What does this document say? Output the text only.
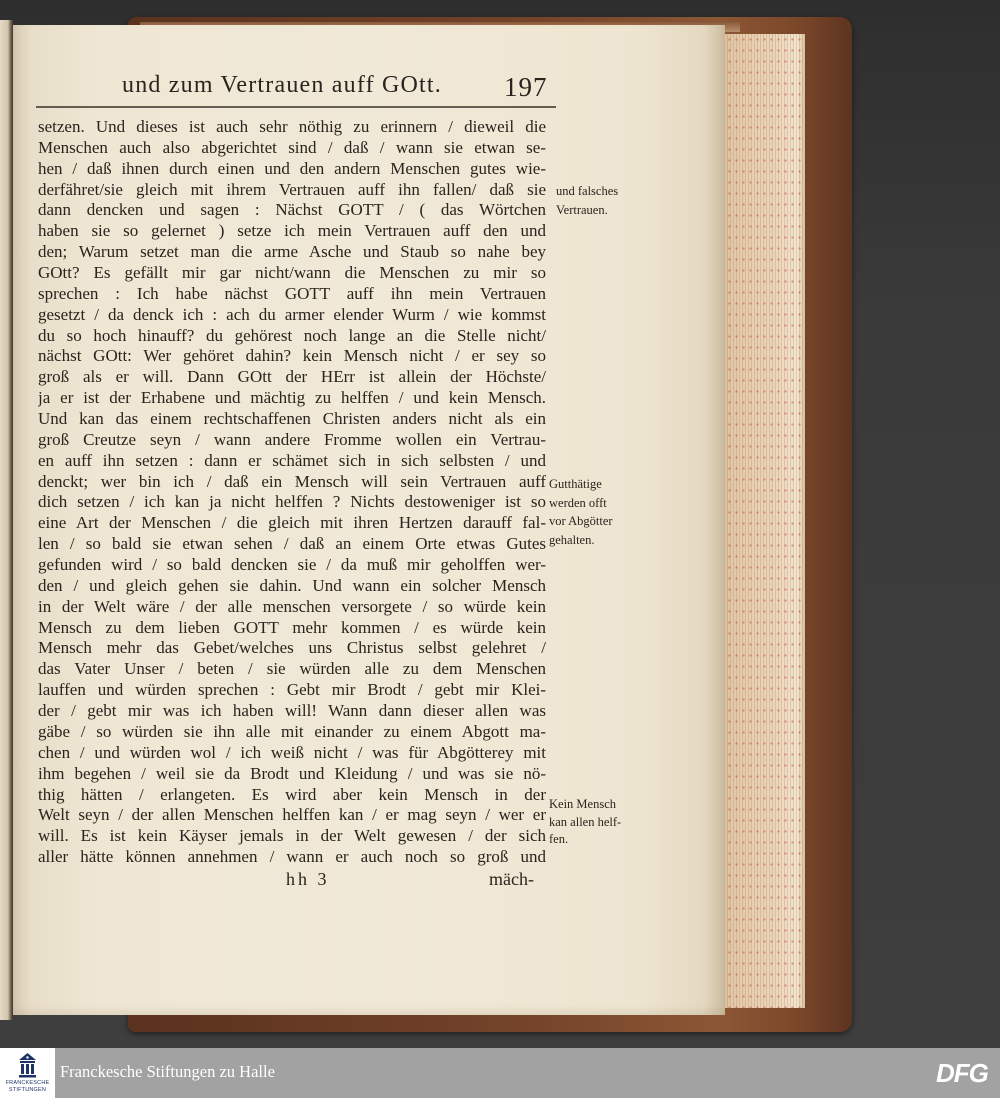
und zum Vertrauen auff GOtt. 197
setzen. Und dieses ist auch sehr nöthig zu erinnern / dieweil die
Menschen auch also abgerichtet sind / daß / wann sie etwan se-
hen / daß ihnen durch einen und den andern Menschen gutes wie-
derfähret/sie gleich mit ihrem Vertrauen auff ihn fallen/ daß sie
dann dencken und sagen : Nächst GOTT / ( das Wörtchen
haben sie so gelernet ) setze ich mein Vertrauen auff den und
den; Warum setzet man die arme Asche und Staub so nahe bey
GOtt? Es gefällt mir gar nicht/wann die Menschen zu mir so
sprechen : Ich habe nächst GOTT auff ihn mein Vertrauen
gesetzt / da denck ich : ach du armer elender Wurm / wie kommst
du so hoch hinauff? du gehörest noch lange an die Stelle nicht/
nächst GOtt: Wer gehöret dahin? kein Mensch nicht / er sey so
groß als er will. Dann GOtt der HErr ist allein der Höchste/
ja er ist der Erhabene und mächtig zu helffen / und kein Mensch.
Und kan das einem rechtschaffenen Christen anders nicht als ein
groß Creutze seyn / wann andere Fromme wollen ein Vertrau-
en auff ihn setzen : dann er schämet sich in sich selbsten / und
denckt; wer bin ich / daß ein Mensch will sein Vertrauen auff
dich setzen / ich kan ja nicht helffen ? Nichts destoweniger ist so
eine Art der Menschen / die gleich mit ihren Hertzen darauff fal-
len / so bald sie etwan sehen / daß an einem Orte etwas Gutes
gefunden wird / so bald dencken sie / da muß mir geholffen wer-
den / und gleich gehen sie dahin. Und wann ein solcher Mensch
in der Welt wäre / der alle menschen versorgete / so würde kein
Mensch zu dem lieben GOTT mehr kommen / es würde kein
Mensch mehr das Gebet/welches uns Christus selbst gelehret /
das Vater Unser / beten / sie würden alle zu dem Menschen
lauffen und würden sprechen : Gebt mir Brodt / gebt mir Klei-
der / gebt mir was ich haben will! Wann dann dieser allen was
gäbe / so würden sie ihn alle mit einander zu einem Abgott ma-
chen / und würden wol / ich weiß nicht / was für Abgötterey mit
ihm begehen / weil sie da Brodt und Kleidung / und was sie nö-
thig hätten / erlangeten. Es wird aber kein Mensch in der
Welt seyn / der allen Menschen helffen kan / er mag seyn / wer er
will. Es ist kein Käyser jemals in der Welt gewesen / der sich
aller hätte können annehmen / wann er auch noch so groß und
und falsches
Vertrauen.
Gutthätige
werden offt
vor Abgötter
gehalten.
Kein Mensch
kan allen helf-
fen.
hh 3	mäch-
FRANCKESCHE
STIFTUNGEN
Franckesche Stiftungen zu Halle	DFG
